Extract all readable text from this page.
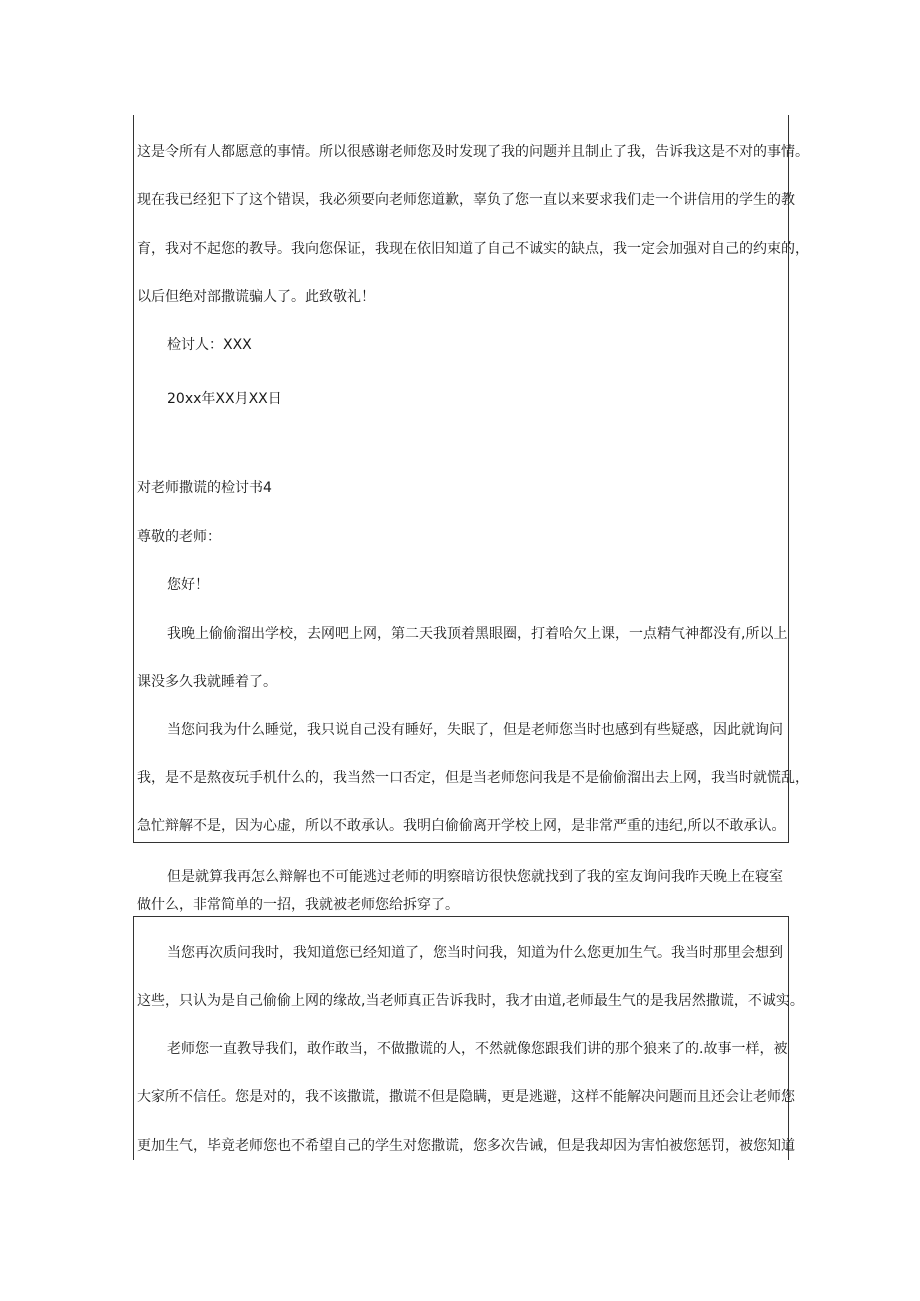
这是令所有人都愿意的事情。所以很感谢老师您及时发现了我的问题并且制止了我，告诉我这是不对的事情。

现在我已经犯下了这个错误，我必须要向老师您道歉，辜负了您一直以来要求我们走一个讲信用的学生的教

育，我对不起您的教导。我向您保证，我现在依旧知道了自己不诚实的缺点，我一定会加强对自己的约束的，

以后但绝对部撒谎骗人了。此致敬礼！

检讨人：XXX

20xx年XX月XX日

对老师撒谎的检讨书4

尊敬的老师：

您好！

我晚上偷偷溜出学校，去网吧上网，第二天我顶着黑眼圈，打着哈欠上课，一点精气神都没有,所以上

课没多久我就睡着了。

当您问我为什么睡觉，我只说自己没有睡好，失眠了，但是老师您当时也感到有些疑惑，因此就询问

我，是不是熬夜玩手机什么的，我当然一口否定，但是当老师您问我是不是偷偷溜出去上网，我当时就慌乱，

急忙辩解不是，因为心虚，所以不敢承认。我明白偷偷离开学校上网，是非常严重的违纪,所以不敢承认。

但是就算我再怎么辩解也不可能逃过老师的明察暗访很快您就找到了我的室友询问我昨天晚上在寝室

做什么，非常简单的一招，我就被老师您给拆穿了。

当您再次质问我时，我知道您已经知道了，您当时问我，知道为什么您更加生气。我当时那里会想到

这些，只认为是自己偷偷上网的缘故,当老师真正告诉我时，我才由道,老师最生气的是我居然撒谎，不诚实。

老师您一直教导我们，敢作敢当，不做撒谎的人，不然就像您跟我们讲的那个狼来了的.故事一样，被

大家所不信任。您是对的，我不该撒谎，撒谎不但是隐瞒，更是逃避，这样不能解决问题而且还会让老师您

更加生气，毕竟老师您也不希望自己的学生对您撒谎，您多次告诫，但是我却因为害怕被您惩罚，被您知道
